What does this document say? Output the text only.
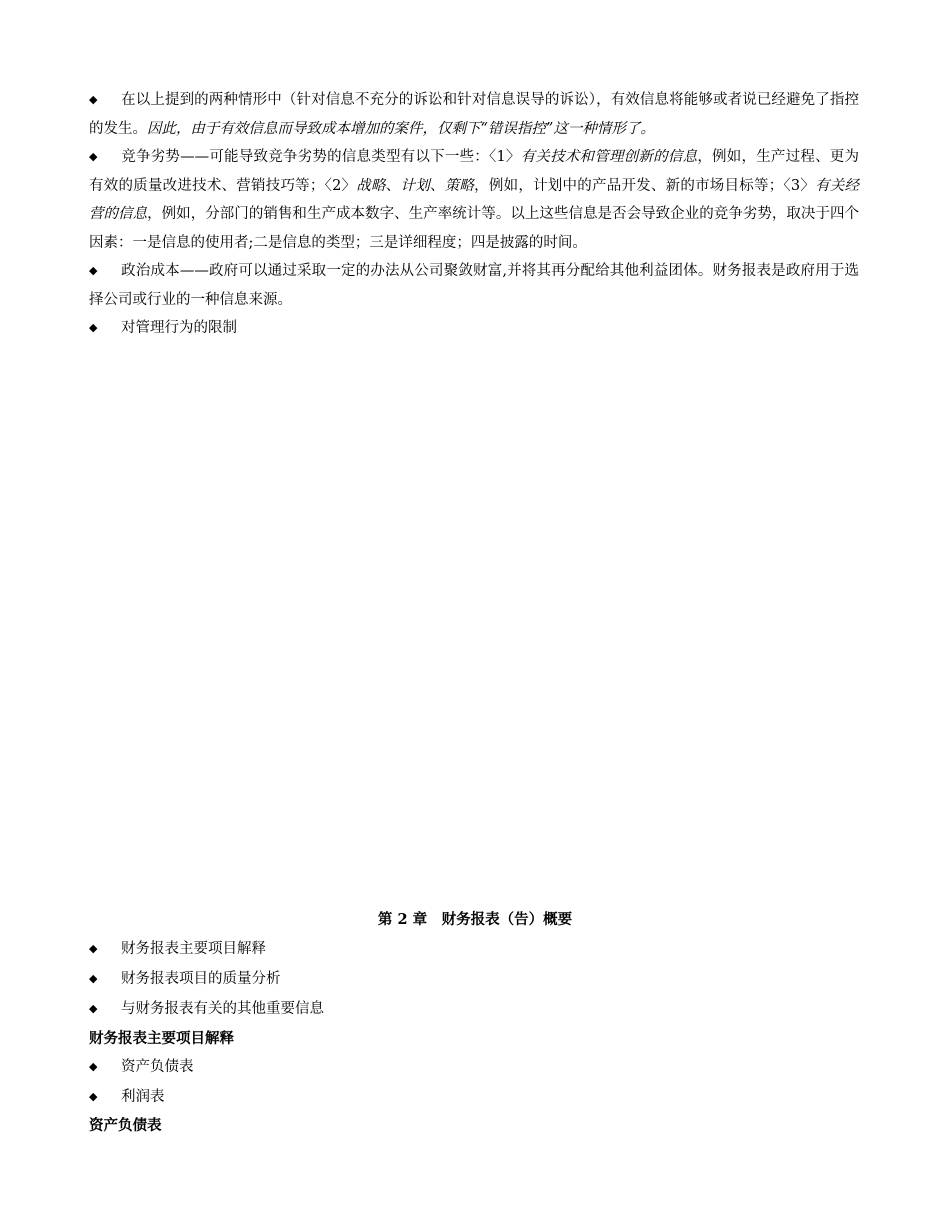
◆ 在以上提到的两种情形中（针对信息不充分的诉讼和针对信息误导的诉讼），有效信息将能够或者说已经避免了指控的发生。因此，由于有效信息而导致成本增加的案件，仅剩下“错误指控”这一种情形了。

◆ 竞争劣势——可能导致竞争劣势的信息类型有以下一些：〈1〉有关技术和管理创新的信息，例如，生产过程、更为有效的质量改进技术、营销技巧等；〈2〉战略、计划、策略，例如，计划中的产品开发、新的市场目标等；〈3〉有关经营的信息，例如，分部门的销售和生产成本数字、生产率统计等。以上这些信息是否会导致企业的竞争劣势，取决于四个因素：一是信息的使用者;二是信息的类型；三是详细程度；四是披露的时间。

◆ 政治成本——政府可以通过采取一定的办法从公司聚敛财富,并将其再分配给其他利益团体。财务报表是政府用于选择公司或行业的一种信息来源。

◆ 对管理行为的限制

第 2 章　财务报表（告）概要
◆ 财务报表主要项目解释
◆ 财务报表项目的质量分析
◆ 与财务报表有关的其他重要信息
财务报表主要项目解释
◆ 资产负债表
◆ 利润表
资产负债表
